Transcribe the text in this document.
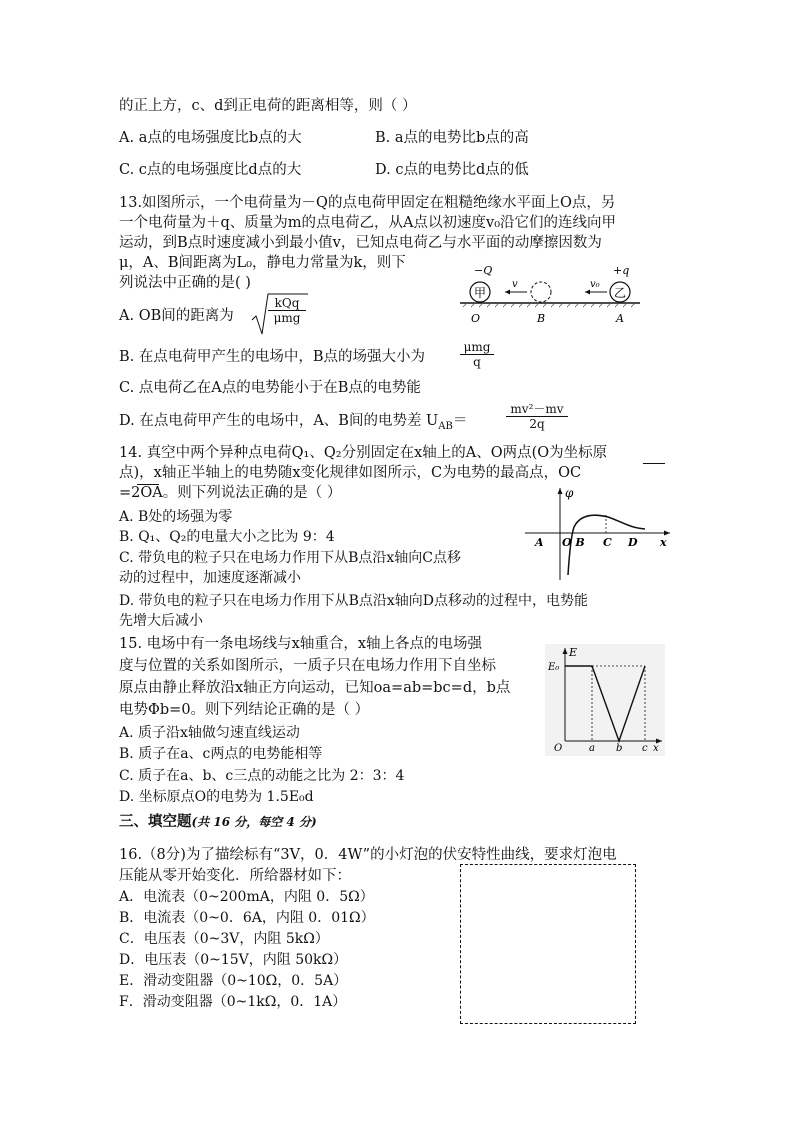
的正上方，c、d到正电荷的距离相等，则（ ）
A. a点的电场强度比b点的大	B. a点的电势比b点的高
C. c点的电场强度比d点的大	D. c点的电势比d点的低
13.如图所示，一个电荷量为－Q的点电荷甲固定在粗糙绝缘水平面上O点，另
一个电荷量为＋q、质量为m的点电荷乙，从A点以初速度v₀沿它们的连线向甲
运动，到B点时速度减小到最小值v，已知点电荷乙与水平面的动摩擦因数为
μ，A、B间距离为L₀，静电力常量为k，则下
列说法中正确的是( )
A. OB间的距离为
kQq
μmg
B. 在点电荷甲产生的电场中，B点的场强大小为
μmg
q
C. 点电荷乙在A点的电势能小于在B点的电势能
D. 在点电荷甲产生的电场中，A、B间的电势差 $U_{AB}=$	$\frac{\text{mv²－mv}}{2q}$
−Q	+q
甲	乙
v	v₀
O	B	A
14. 真空中两个异种点电荷Q₁、Q₂分别固定在x轴上的A、O两点(O为坐标原
点)，x轴正半轴上的电势随x变化规律如图所示，C为电势的最高点，OC
=2OA。则下列说法正确的是（ ）
A. B处的场强为零
B. Q₁、Q₂的电量大小之比为 9：4
C. 带负电的粒子只在电场力作用下从B点沿x轴向C点移
动的过程中，加速度逐渐减小
D. 带负电的粒子只在电场力作用下从B点沿x轴向D点移动的过程中，电势能
先增大后减小
φ
A O B C D x
15. 电场中有一条电场线与x轴重合，x轴上各点的电场强
度与位置的关系如图所示，一质子只在电场力作用下自坐标
原点由静止释放沿x轴正方向运动，已知oa=ab=bc=d，b点
电势Φb=0。则下列结论正确的是（ ）
A. 质子沿x轴做匀速直线运动
B. 质子在a、c两点的电势能相等
C. 质子在a、b、c三点的动能之比为 2：3：4
D. 坐标原点O的电势为 1.5E₀d
E
E₀
O	a b c x
三、填空题(共 16 分，每空 4 分)
16.（8分)为了描绘标有“3V，0．4W”的小灯泡的伏安特性曲线，要求灯泡电
压能从零开始变化．所给器材如下：
A．电流表（0~200mA，内阻 0．5Ω）
B．电流表（0~0．6A，内阻 0．01Ω）
C．电压表（0~3V，内阻 5kΩ）
D．电压表（0~15V，内阻 50kΩ）
E．滑动变阻器（0~10Ω，0．5A）
F．滑动变阻器（0~1kΩ，0．1A）
